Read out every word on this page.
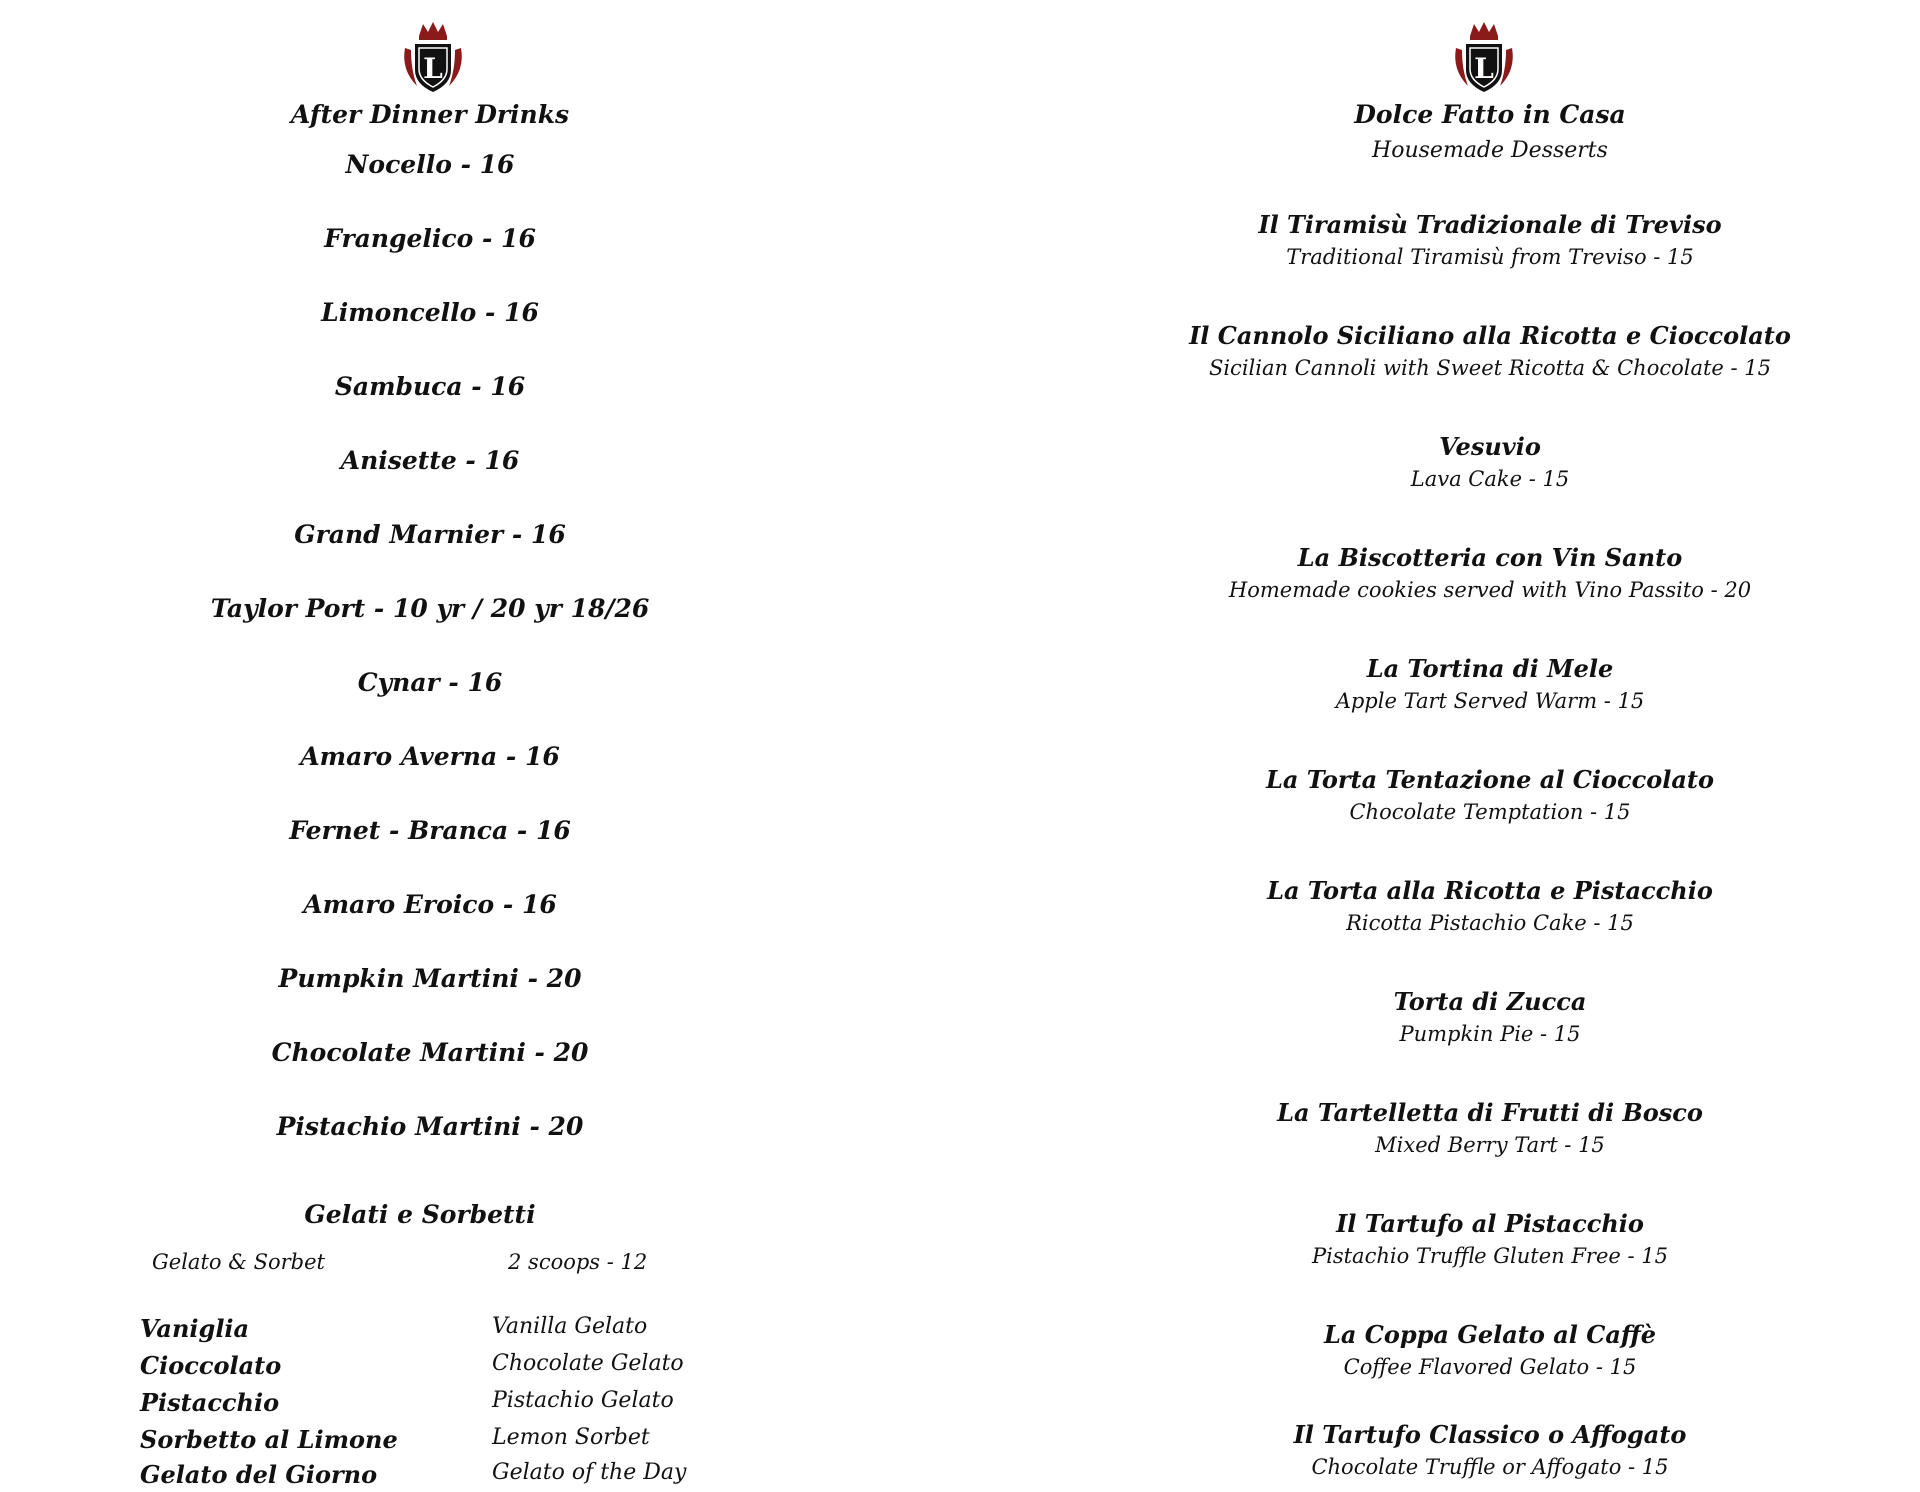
L
After Dinner Drinks
Nocello - 16
Frangelico - 16
Limoncello - 16
Sambuca - 16
Anisette - 16
Grand Marnier - 16
Taylor Port - 10 yr / 20 yr 18/26
Cynar - 16
Amaro Averna - 16
Fernet - Branca - 16
Amaro Eroico - 16
Pumpkin Martini - 20
Chocolate Martini - 20
Pistachio Martini - 20
Gelati e Sorbetti
Gelato & Sorbet	2 scoops - 12
Vaniglia	Vanilla Gelato
Cioccolato	Chocolate Gelato
Pistacchio	Pistachio Gelato
Sorbetto al Limone	Lemon Sorbet
Gelato del Giorno	Gelato of the Day
L
Dolce Fatto in Casa
Housemade Desserts
Il Tiramisù Tradizionale di Treviso
Traditional Tiramisù from Treviso - 15
Il Cannolo Siciliano alla Ricotta e Cioccolato
Sicilian Cannoli with Sweet Ricotta & Chocolate - 15
Vesuvio
Lava Cake - 15
La Biscotteria con Vin Santo
Homemade cookies served with Vino Passito - 20
La Tortina di Mele
Apple Tart Served Warm - 15
La Torta Tentazione al Cioccolato
Chocolate Temptation - 15
La Torta alla Ricotta e Pistacchio
Ricotta Pistachio Cake - 15
Torta di Zucca
Pumpkin Pie - 15
La Tartelletta di Frutti di Bosco
Mixed Berry Tart - 15
Il Tartufo al Pistacchio
Pistachio Truffle Gluten Free - 15
La Coppa Gelato al Caffè
Coffee Flavored Gelato - 15
Il Tartufo Classico o Affogato
Chocolate Truffle or Affogato - 15
